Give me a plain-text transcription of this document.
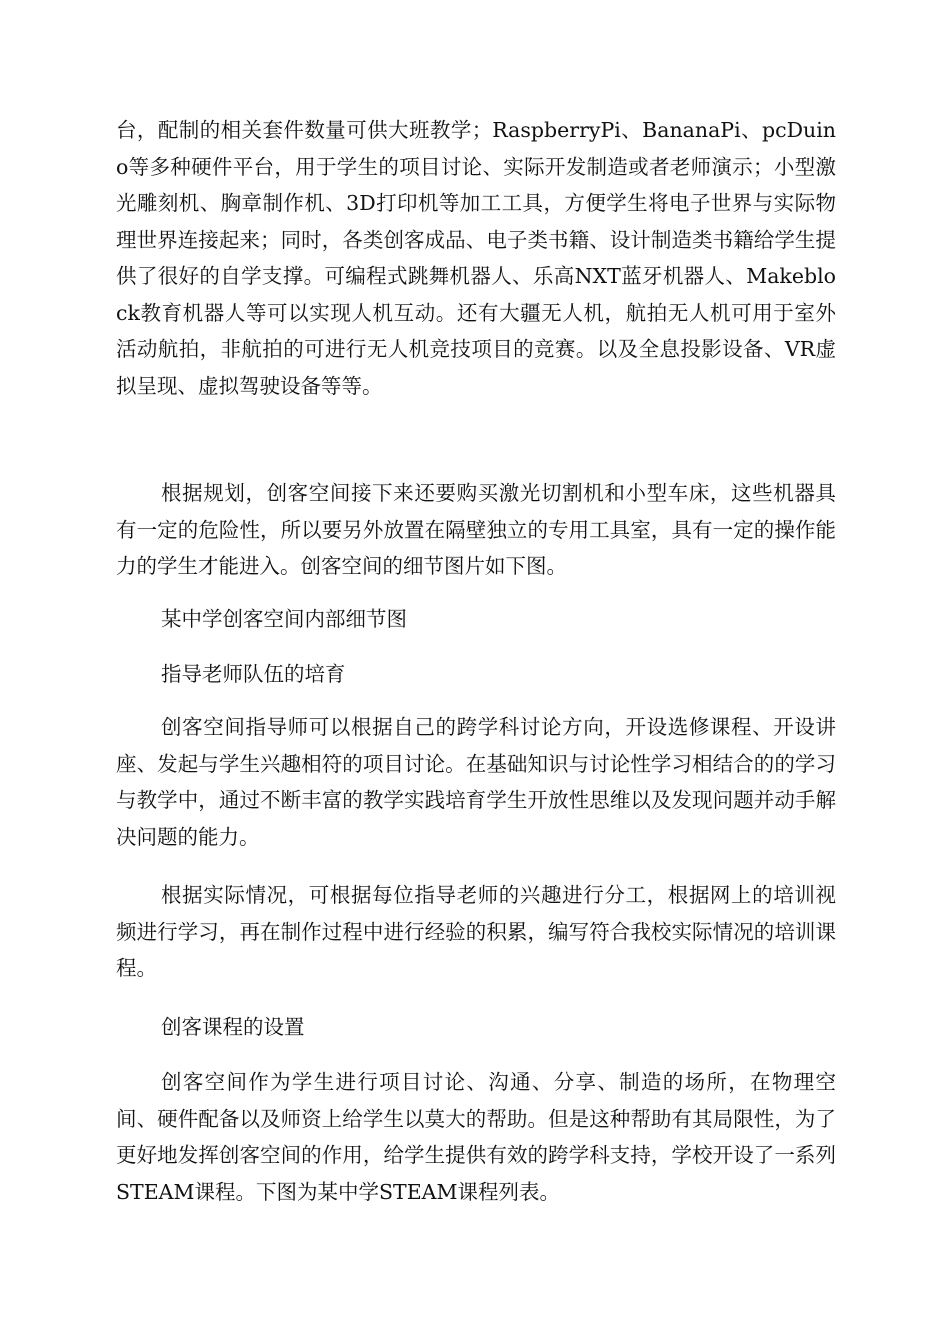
台，配制的相关套件数量可供大班教学；RaspberryPi、BananaPi、pcDuino等多种硬件平台，用于学生的项目讨论、实际开发制造或者老师演示；小型激光雕刻机、胸章制作机、3D打印机等加工工具，方便学生将电子世界与实际物理世界连接起来；同时，各类创客成品、电子类书籍、设计制造类书籍给学生提供了很好的自学支撑。可编程式跳舞机器人、乐高NXT蓝牙机器人、Makeblock教育机器人等可以实现人机互动。还有大疆无人机，航拍无人机可用于室外活动航拍，非航拍的可进行无人机竞技项目的竞赛。以及全息投影设备、VR虚拟呈现、虚拟驾驶设备等等。

根据规划，创客空间接下来还要购买激光切割机和小型车床，这些机器具有一定的危险性，所以要另外放置在隔壁独立的专用工具室，具有一定的操作能力的学生才能进入。创客空间的细节图片如下图。

某中学创客空间内部细节图

指导老师队伍的培育

创客空间指导师可以根据自己的跨学科讨论方向，开设选修课程、开设讲座、发起与学生兴趣相符的项目讨论。在基础知识与讨论性学习相结合的的学习与教学中，通过不断丰富的教学实践培育学生开放性思维以及发现问题并动手解决问题的能力。

根据实际情况，可根据每位指导老师的兴趣进行分工，根据网上的培训视频进行学习，再在制作过程中进行经验的积累，编写符合我校实际情况的培训课程。

创客课程的设置

创客空间作为学生进行项目讨论、沟通、分享、制造的场所，在物理空间、硬件配备以及师资上给学生以莫大的帮助。但是这种帮助有其局限性，为了更好地发挥创客空间的作用，给学生提供有效的跨学科支持，学校开设了一系列STEAM课程。下图为某中学STEAM课程列表。
